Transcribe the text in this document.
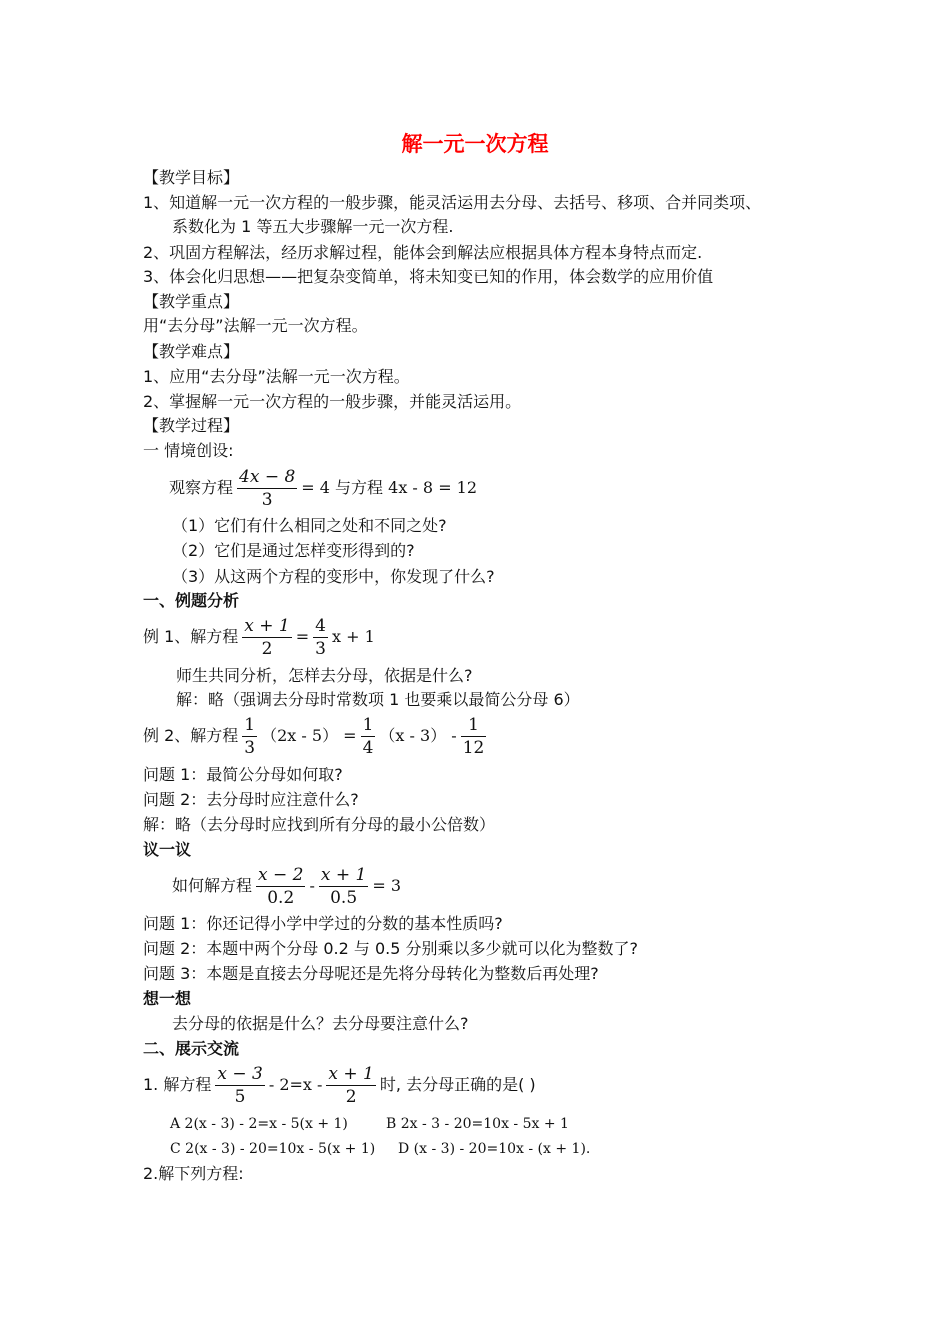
解一元一次方程
【教学目标】
1、知道解一元一次方程的一般步骤，能灵活运用去分母、去括号、移项、合并同类项、
系数化为 1 等五大步骤解一元一次方程.
2、巩固方程解法，经历求解过程，能体会到解法应根据具体方程本身特点而定.
3、体会化归思想——把复杂变简单，将未知变已知的作用，体会数学的应用价值
【教学重点】
用“去分母”法解一元一次方程。
【教学难点】
1、应用“去分母”法解一元一次方程。
2、掌握解一元一次方程的一般步骤，并能灵活运用。
【教学过程】
一 情境创设:
观察方程 $\frac{4x - 8}{3} = 4$ 与方程 4x - 8 = 12
（1）它们有什么相同之处和不同之处?
（2）它们是通过怎样变形得到的?
（3）从这两个方程的变形中，你发现了什么?
一、例题分析
例 1、解方程 $\frac{x + 1}{2} = \frac{4}{3}$ x + 1
师生共同分析，怎样去分母，依据是什么?
解：略（强调去分母时常数项 1 也要乘以最简公分母 6）
例 2、解方程 $\frac{1}{3} (2x - 5) = \frac{1}{4} (x - 3) - \frac{1}{12}$
问题 1：最简公分母如何取?
问题 2：去分母时应注意什么?
解：略（去分母时应找到所有分母的最小公倍数）
议一议
如何解方程 $\frac{x - 2}{0.2} - \frac{x + 1}{0.5} = 3$
问题 1：你还记得小学中学过的分数的基本性质吗?
问题 2：本题中两个分母 0.2 与 0.5 分别乘以多少就可以化为整数了?
问题 3：本题是直接去分母呢还是先将分母转化为整数后再处理?
想一想
去分母的依据是什么？去分母要注意什么?
二、展示交流
1. 解方程 $\frac{x - 3}{5} - 2=x - \frac{x + 1}{2}$ 时, 去分母正确的是( )
A 2(x - 3) - 2=x - 5(x + 1)	B 2x - 3 - 20=10x - 5x + 1
C 2(x - 3) - 20=10x - 5(x + 1) D (x - 3) - 20=10x - (x + 1).
2.解下列方程:
